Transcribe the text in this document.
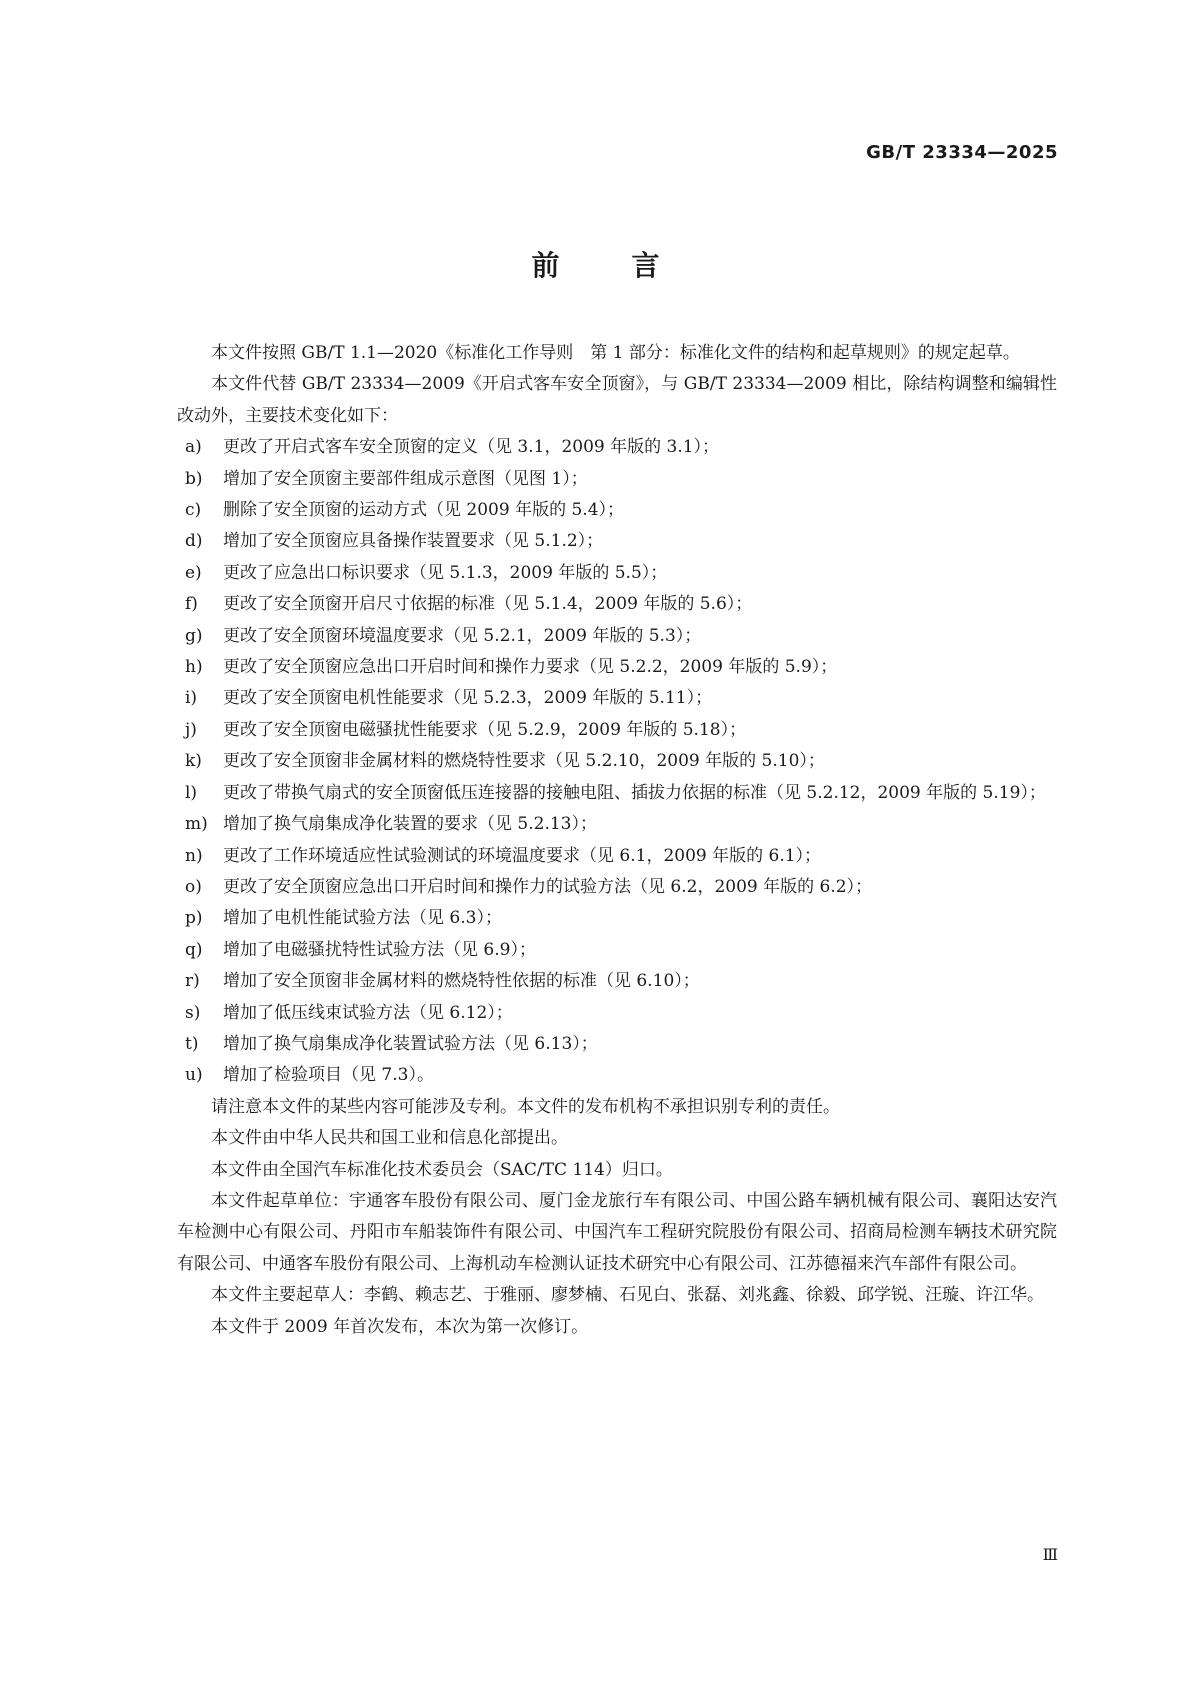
GB/T 23334—2025
前	言

本文件按照 GB/T 1.1—2020《标准化工作导则　第 1 部分：标准化文件的结构和起草规则》的规定起草。

本文件代替 GB/T 23334—2009《开启式客车安全顶窗》，与 GB/T 23334—2009 相比，除结构调整和编辑性改动外，主要技术变化如下：

a)	更改了开启式客车安全顶窗的定义（见 3.1，2009 年版的 3.1）；
b)	增加了安全顶窗主要部件组成示意图（见图 1）；
c)	删除了安全顶窗的运动方式（见 2009 年版的 5.4）；
d)	增加了安全顶窗应具备操作装置要求（见 5.1.2）；
e)	更改了应急出口标识要求（见 5.1.3，2009 年版的 5.5）；
f)	更改了安全顶窗开启尺寸依据的标准（见 5.1.4，2009 年版的 5.6）；
g)	更改了安全顶窗环境温度要求（见 5.2.1，2009 年版的 5.3）；
h)	更改了安全顶窗应急出口开启时间和操作力要求（见 5.2.2，2009 年版的 5.9）；
i)	更改了安全顶窗电机性能要求（见 5.2.3，2009 年版的 5.11）；
j)	更改了安全顶窗电磁骚扰性能要求（见 5.2.9，2009 年版的 5.18）；
k)	更改了安全顶窗非金属材料的燃烧特性要求（见 5.2.10，2009 年版的 5.10）；
l)	更改了带换气扇式的安全顶窗低压连接器的接触电阻、插拔力依据的标准（见 5.2.12，2009 年版的 5.19）；
m) 增加了换气扇集成净化装置的要求（见 5.2.13）；
n)	更改了工作环境适应性试验测试的环境温度要求（见 6.1，2009 年版的 6.1）；
o)	更改了安全顶窗应急出口开启时间和操作力的试验方法（见 6.2，2009 年版的 6.2）；
p)	增加了电机性能试验方法（见 6.3）；
q)	增加了电磁骚扰特性试验方法（见 6.9）；
r)	增加了安全顶窗非金属材料的燃烧特性依据的标准（见 6.10）；
s)	增加了低压线束试验方法（见 6.12）；
t)	增加了换气扇集成净化装置试验方法（见 6.13）；
u)	增加了检验项目（见 7.3）。

请注意本文件的某些内容可能涉及专利。本文件的发布机构不承担识别专利的责任。

本文件由中华人民共和国工业和信息化部提出。

本文件由全国汽车标准化技术委员会（SAC/TC 114）归口。

本文件起草单位：宇通客车股份有限公司、厦门金龙旅行车有限公司、中国公路车辆机械有限公司、襄阳达安汽车检测中心有限公司、丹阳市车船装饰件有限公司、中国汽车工程研究院股份有限公司、招商局检测车辆技术研究院有限公司、中通客车股份有限公司、上海机动车检测认证技术研究中心有限公司、江苏德福来汽车部件有限公司。

本文件主要起草人：李鹤、赖志艺、于雅丽、廖梦楠、石见白、张磊、刘兆鑫、徐毅、邱学锐、汪璇、许江华。

本文件于 2009 年首次发布，本次为第一次修订。

Ⅲ
